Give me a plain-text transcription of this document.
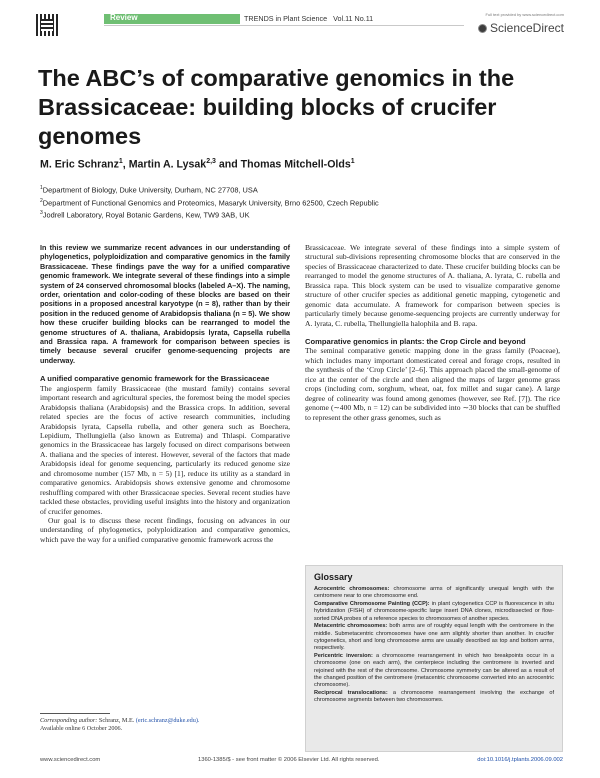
Review	TRENDS in Plant Science Vol.11 No.11	Full text provided by www.sciencedirect.com
ScienceDirect
The ABC’s of comparative genomics in the Brassicaceae: building blocks of crucifer genomes
M. Eric Schranz$^1$, Martin A. Lysak$^{2,3}$ and Thomas Mitchell-Olds$^1$
$^1$Department of Biology, Duke University, Durham, NC 27708, USA
$^2$Department of Functional Genomics and Proteomics, Masaryk University, Brno 62500, Czech Republic
$^3$Jodrell Laboratory, Royal Botanic Gardens, Kew, TW9 3AB, UK

In this review we summarize recent advances in our understanding of phylogenetics, polyploidization and comparative genomics in the family Brassicaceae. These findings pave the way for a unified comparative genomic framework. We integrate several of these findings into a simple system of 24 conserved chromosomal blocks (labeled A–X). The naming, order, orientation and color-coding of these blocks are based on their positions in a proposed ancestral karyotype (n = 8), rather than by their position in the reduced genome of Arabidopsis thaliana (n = 5). We show how these crucifer building blocks can be rearranged to model the genome structures of A. thaliana, Arabidopsis lyrata, Capsella rubella and Brassica rapa. A framework for comparison between species is timely because several crucifer genome-sequencing projects are underway.

A unified comparative genomic framework for the Brassicaceae

The angiosperm family Brassicaceae (the mustard family) contains several important research and agricultural species, the foremost being the model species Arabidopsis thaliana (Arabidopsis) and the Brassica crops. In addition, several related species are the focus of active research communities, including Arabidopsis lyrata, Capsella rubella, and other genera such as Boechera, Lepidium, Thellungiella (also known as Eutrema) and Thlaspi. Comparative genomics in the Brassicaceae has largely focused on direct comparisons between A. thaliana and the species of interest. However, several of the factors that made Arabidopsis ideal for genome sequencing, particularly its reduced genome size and chromosome number (157 Mb, n = 5) [1], reduce its utility as a standard in comparative genomics. Arabidopsis shows extensive genome and chromosome reshuffling compared with other Brassicaceae species. Several recent studies have tackled these obstacles, providing useful insights into the history and organization of crucifer genomes.

Our goal is to discuss these recent findings, focusing on advances in our understanding of phylogenetics, polyploidization and comparative genomics, which pave the way for a unified comparative genomic framework across the

Brassicaceae. We integrate several of these findings into a simple system of structural sub-divisions representing chromosome blocks that are conserved in the species of Brassicaceae characterized to date. These crucifer building blocks can be rearranged to model the genome structures of A. thaliana, A. lyrata, C. rubella and Brassica rapa. This block system can be used to visualize comparative genome structure of other crucifer species as additional genetic mapping, cytogenetic and genomic data accumulate. A framework for comparison between species is particularly timely because genome-sequencing projects are currently underway for A. lyrata, C. rubella, Thellungiella halophila and B. rapa.

Comparative genomics in plants: the Crop Circle and beyond

The seminal comparative genetic mapping done in the grass family (Poaceae), which includes many important domesticated cereal and forage crops, resulted in the synthesis of the ‘Crop Circle’ [2–6]. This approach placed the small-genome of rice at the center of the circle and then aligned the maps of larger genome grass crops (including corn, sorghum, wheat, oat, fox millet and sugar cane). A large degree of colinearity was found among genomes (however, see Ref. [7]). The rice genome (∼400 Mb, n = 12) can be subdivided into ∼30 blocks that can be shuffled to represent the other grass genomes, such as

Glossary

Acrocentric chromosomes: chromosome arms of significantly unequal length with the centromere near to one chromosome end.

Comparative Chromosome Painting (CCP): in plant cytogenetics CCP is fluorescence in situ hybridization (FISH) of chromosome-specific large insert DNA clones, microdissected or flow-sorted DNA probes of a reference species to chromosomes of another species.

Metacentric chromosomes: both arms are of roughly equal length with the centromere in the middle. Submetacentric chromosomes have one arm slightly shorter than another. In crucifer cytogenetics, short and long chromosome arms are usually described as top and bottom arms, respectively.

Pericentric inversion: a chromosome rearrangement in which two breakpoints occur in a chromosome (one on each arm), the centerpiece including the centromere is inverted and rejoined with the rest of the chromosome. Chromosome symmetry can be altered as a result of the changed position of the centromere (metacentric chromosome converted into an acrocentric chromosome).

Reciprocal translocations: a chromosome rearrangement involving the exchange of chromosome segments between two chromosomes.

Corresponding author: Schranz, M.E. (eric.schranz@duke.edu).
Available online 6 October 2006.
www.sciencedirect.com	1360-1385/$ - see front matter © 2006 Elsevier Ltd. All rights reserved.	doi:10.1016/j.tplants.2006.09.002
